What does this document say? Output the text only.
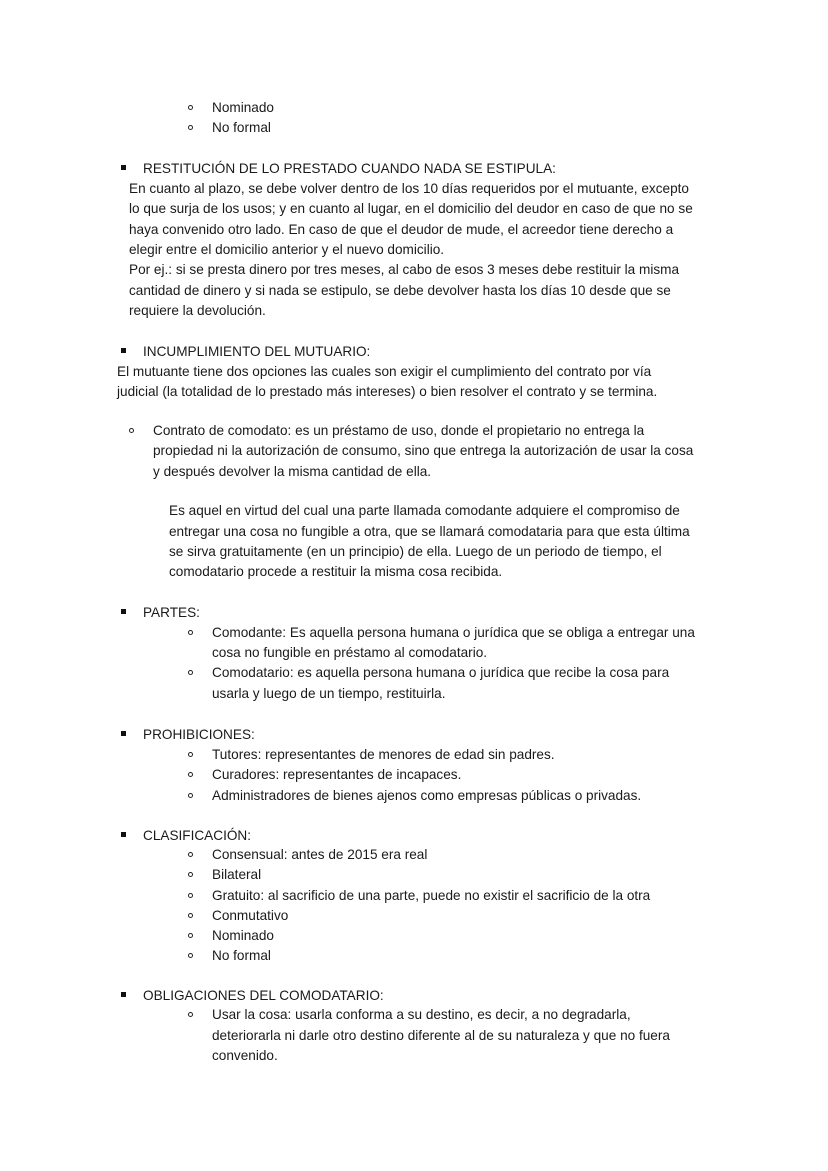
Nominado
No formal
RESTITUCIÓN DE LO PRESTADO CUANDO NADA SE ESTIPULA:
En cuanto al plazo, se debe volver dentro de los 10 días requeridos por el mutuante, excepto
lo que surja de los usos; y en cuanto al lugar, en el domicilio del deudor en caso de que no se
haya convenido otro lado. En caso de que el deudor de mude, el acreedor tiene derecho a
elegir entre el domicilio anterior y el nuevo domicilio.
Por ej.: si se presta dinero por tres meses, al cabo de esos 3 meses debe restituir la misma
cantidad de dinero y si nada se estipulo, se debe devolver hasta los días 10 desde que se
requiere la devolución.
INCUMPLIMIENTO DEL MUTUARIO:
El mutuante tiene dos opciones las cuales son exigir el cumplimiento del contrato por vía
judicial (la totalidad de lo prestado más intereses) o bien resolver el contrato y se termina.
Contrato de comodato: es un préstamo de uso, donde el propietario no entrega la
propiedad ni la autorización de consumo, sino que entrega la autorización de usar la cosa
y después devolver la misma cantidad de ella.
Es aquel en virtud del cual una parte llamada comodante adquiere el compromiso de
entregar una cosa no fungible a otra, que se llamará comodataria para que esta última
se sirva gratuitamente (en un principio) de ella. Luego de un periodo de tiempo, el
comodatario procede a restituir la misma cosa recibida.
PARTES:
Comodante: Es aquella persona humana o jurídica que se obliga a entregar una
cosa no fungible en préstamo al comodatario.
Comodatario: es aquella persona humana o jurídica que recibe la cosa para
usarla y luego de un tiempo, restituirla.
PROHIBICIONES:
Tutores: representantes de menores de edad sin padres.
Curadores: representantes de incapaces.
Administradores de bienes ajenos como empresas públicas o privadas.
CLASIFICACIÓN:
Consensual: antes de 2015 era real
Bilateral
Gratuito: al sacrificio de una parte, puede no existir el sacrificio de la otra
Conmutativo
Nominado
No formal
OBLIGACIONES DEL COMODATARIO:
Usar la cosa: usarla conforma a su destino, es decir, a no degradarla,
deteriorarla ni darle otro destino diferente al de su naturaleza y que no fuera
convenido.
